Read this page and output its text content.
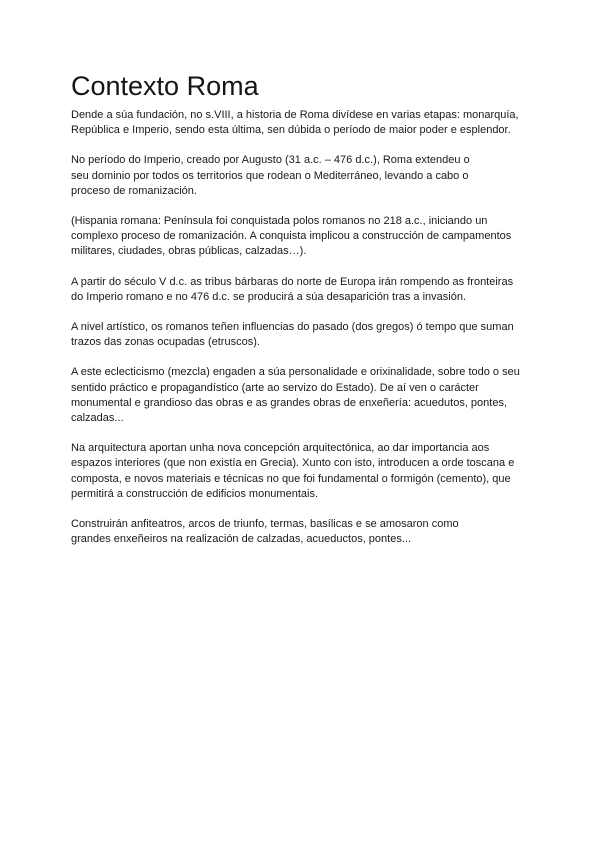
Contexto Roma

Dende a súa fundación, no s.VIII, a historia de Roma divídese en varias etapas: monarquía,
República e Imperio, sendo esta última, sen dúbida o período de maior poder e esplendor.

No período do Imperio, creado por Augusto (31 a.c. – 476 d.c.), Roma extendeu o
seu dominio por todos os territorios que rodean o Mediterráneo, levando a cabo o
proceso de romanización.

(Hispania romana: Península foi conquistada polos romanos no 218 a.c., iniciando un
complexo proceso de romanización. A conquista implicou a construcción de campamentos
militares, ciudades, obras públicas, calzadas…).

A partir do século V d.c. as tribus bárbaras do norte de Europa irán rompendo as fronteiras
do Imperio romano e no 476 d.c. se producirá a súa desaparición tras a invasión.

A nivel artístico, os romanos teñen influencias do pasado (dos gregos) ó tempo que suman
trazos das zonas ocupadas (etruscos).

A este eclecticismo (mezcla) engaden a súa personalidade e orixinalidade, sobre todo o seu
sentido práctico e propagandístico (arte ao servizo do Estado). De aí ven o carácter
monumental e grandioso das obras e as grandes obras de enxeñería: acuedutos, pontes,
calzadas...

Na arquitectura aportan unha nova concepción arquitectónica, ao dar importancia aos
espazos interiores (que non existía en Grecia). Xunto con isto, introducen a orde toscana e
composta, e novos materiais e técnicas no que foi fundamental o formigón (cemento), que
permitirá a construcción de edificios monumentais.

Construirán anfiteatros, arcos de triunfo, termas, basílicas e se amosaron como
grandes enxeñeiros na realización de calzadas, acueductos, pontes...
